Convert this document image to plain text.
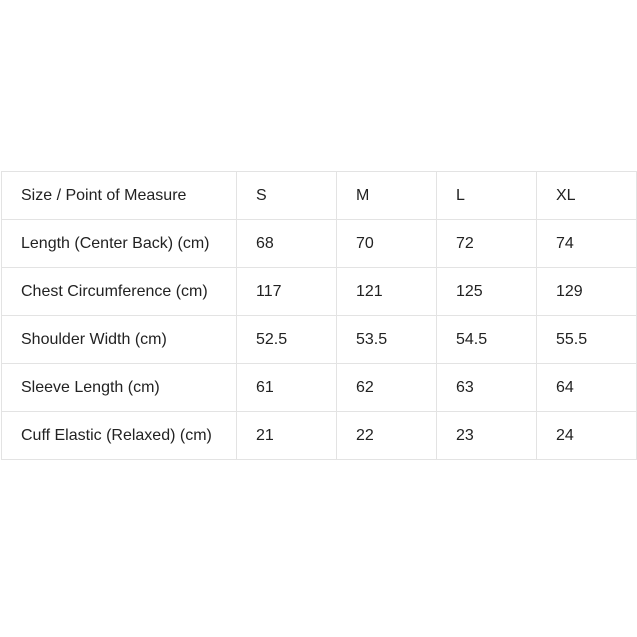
Size / Point of Measure	S	M	L	XL
Length (Center Back) (cm)	68	70	72	74
Chest Circumference (cm)	117	121	125	129
Shoulder Width (cm)	52.5	53.5	54.5	55.5
Sleeve Length (cm)	61	62	63	64
Cuff Elastic (Relaxed) (cm)	21	22	23	24
